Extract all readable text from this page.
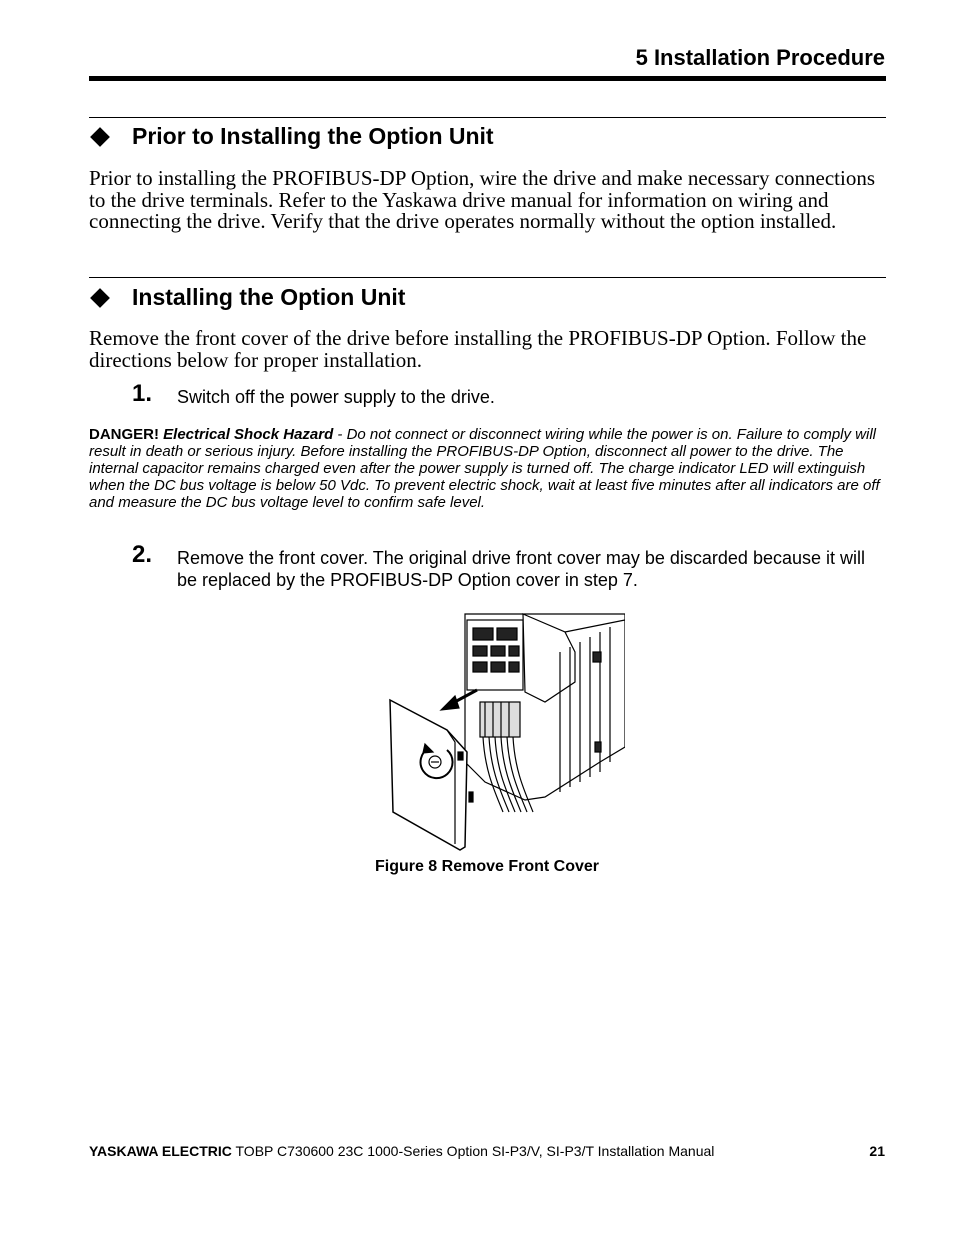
5 Installation Procedure
Prior to Installing the Option Unit
Prior to installing the PROFIBUS-DP Option, wire the drive and make necessary connections to the drive terminals. Refer to the Yaskawa drive manual for information on wiring and connecting the drive. Verify that the drive operates normally without the option installed.
Installing the Option Unit
Remove the front cover of the drive before installing the PROFIBUS-DP Option. Follow the directions below for proper installation.
1. Switch off the power supply to the drive.
DANGER! Electrical Shock Hazard - Do not connect or disconnect wiring while the power is on. Failure to comply will result in death or serious injury. Before installing the PROFIBUS-DP Option, disconnect all power to the drive. The internal capacitor remains charged even after the power supply is turned off. The charge indicator LED will extinguish when the DC bus voltage is below 50 Vdc. To prevent electric shock, wait at least five minutes after all indicators are off and measure the DC bus voltage level to confirm safe level.
2. Remove the front cover. The original drive front cover may be discarded because it will be replaced by the PROFIBUS-DP Option cover in step 7.
Figure 8 Remove Front Cover
YASKAWA ELECTRIC TOBP C730600 23C 1000-Series Option SI-P3/V, SI-P3/T Installation Manual	21
